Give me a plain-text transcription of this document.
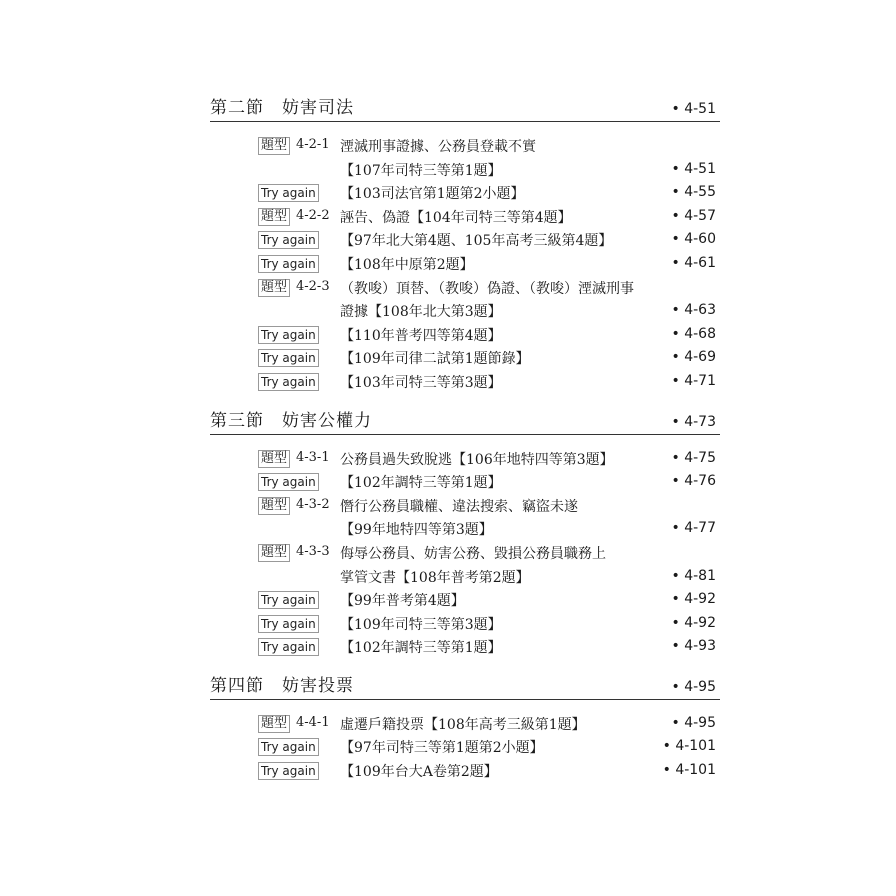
第二節　妨害司法	• 4-51
題型 4-2-1 湮滅刑事證據、公務員登載不實
【107年司特三等第1題】	• 4-51
Try again 【103司法官第1題第2小題】	• 4-55
題型 4-2-2 誣告、偽證【104年司特三等第4題】	• 4-57
Try again 【97年北大第4題、105年高考三級第4題】	• 4-60
Try again 【108年中原第2題】	• 4-61
題型 4-2-3 （教唆）頂替、（教唆）偽證、（教唆）湮滅刑事
證據【108年北大第3題】	• 4-63
Try again 【110年普考四等第4題】	• 4-68
Try again 【109年司律二試第1題節錄】	• 4-69
Try again 【103年司特三等第3題】	• 4-71
第三節　妨害公權力	• 4-73
題型 4-3-1 公務員過失致脫逃【106年地特四等第3題】	• 4-75
Try again 【102年調特三等第1題】	• 4-76
題型 4-3-2 僭行公務員職權、違法搜索、竊盜未遂
【99年地特四等第3題】	• 4-77
題型 4-3-3 侮辱公務員、妨害公務、毀損公務員職務上
掌管文書【108年普考第2題】	• 4-81
Try again 【99年普考第4題】	• 4-92
Try again 【109年司特三等第3題】	• 4-92
Try again 【102年調特三等第1題】	• 4-93
第四節　妨害投票	• 4-95
題型 4-4-1 虛遷戶籍投票【108年高考三級第1題】	• 4-95
Try again 【97年司特三等第1題第2小題】	• 4-101
Try again 【109年台大A卷第2題】	• 4-101
